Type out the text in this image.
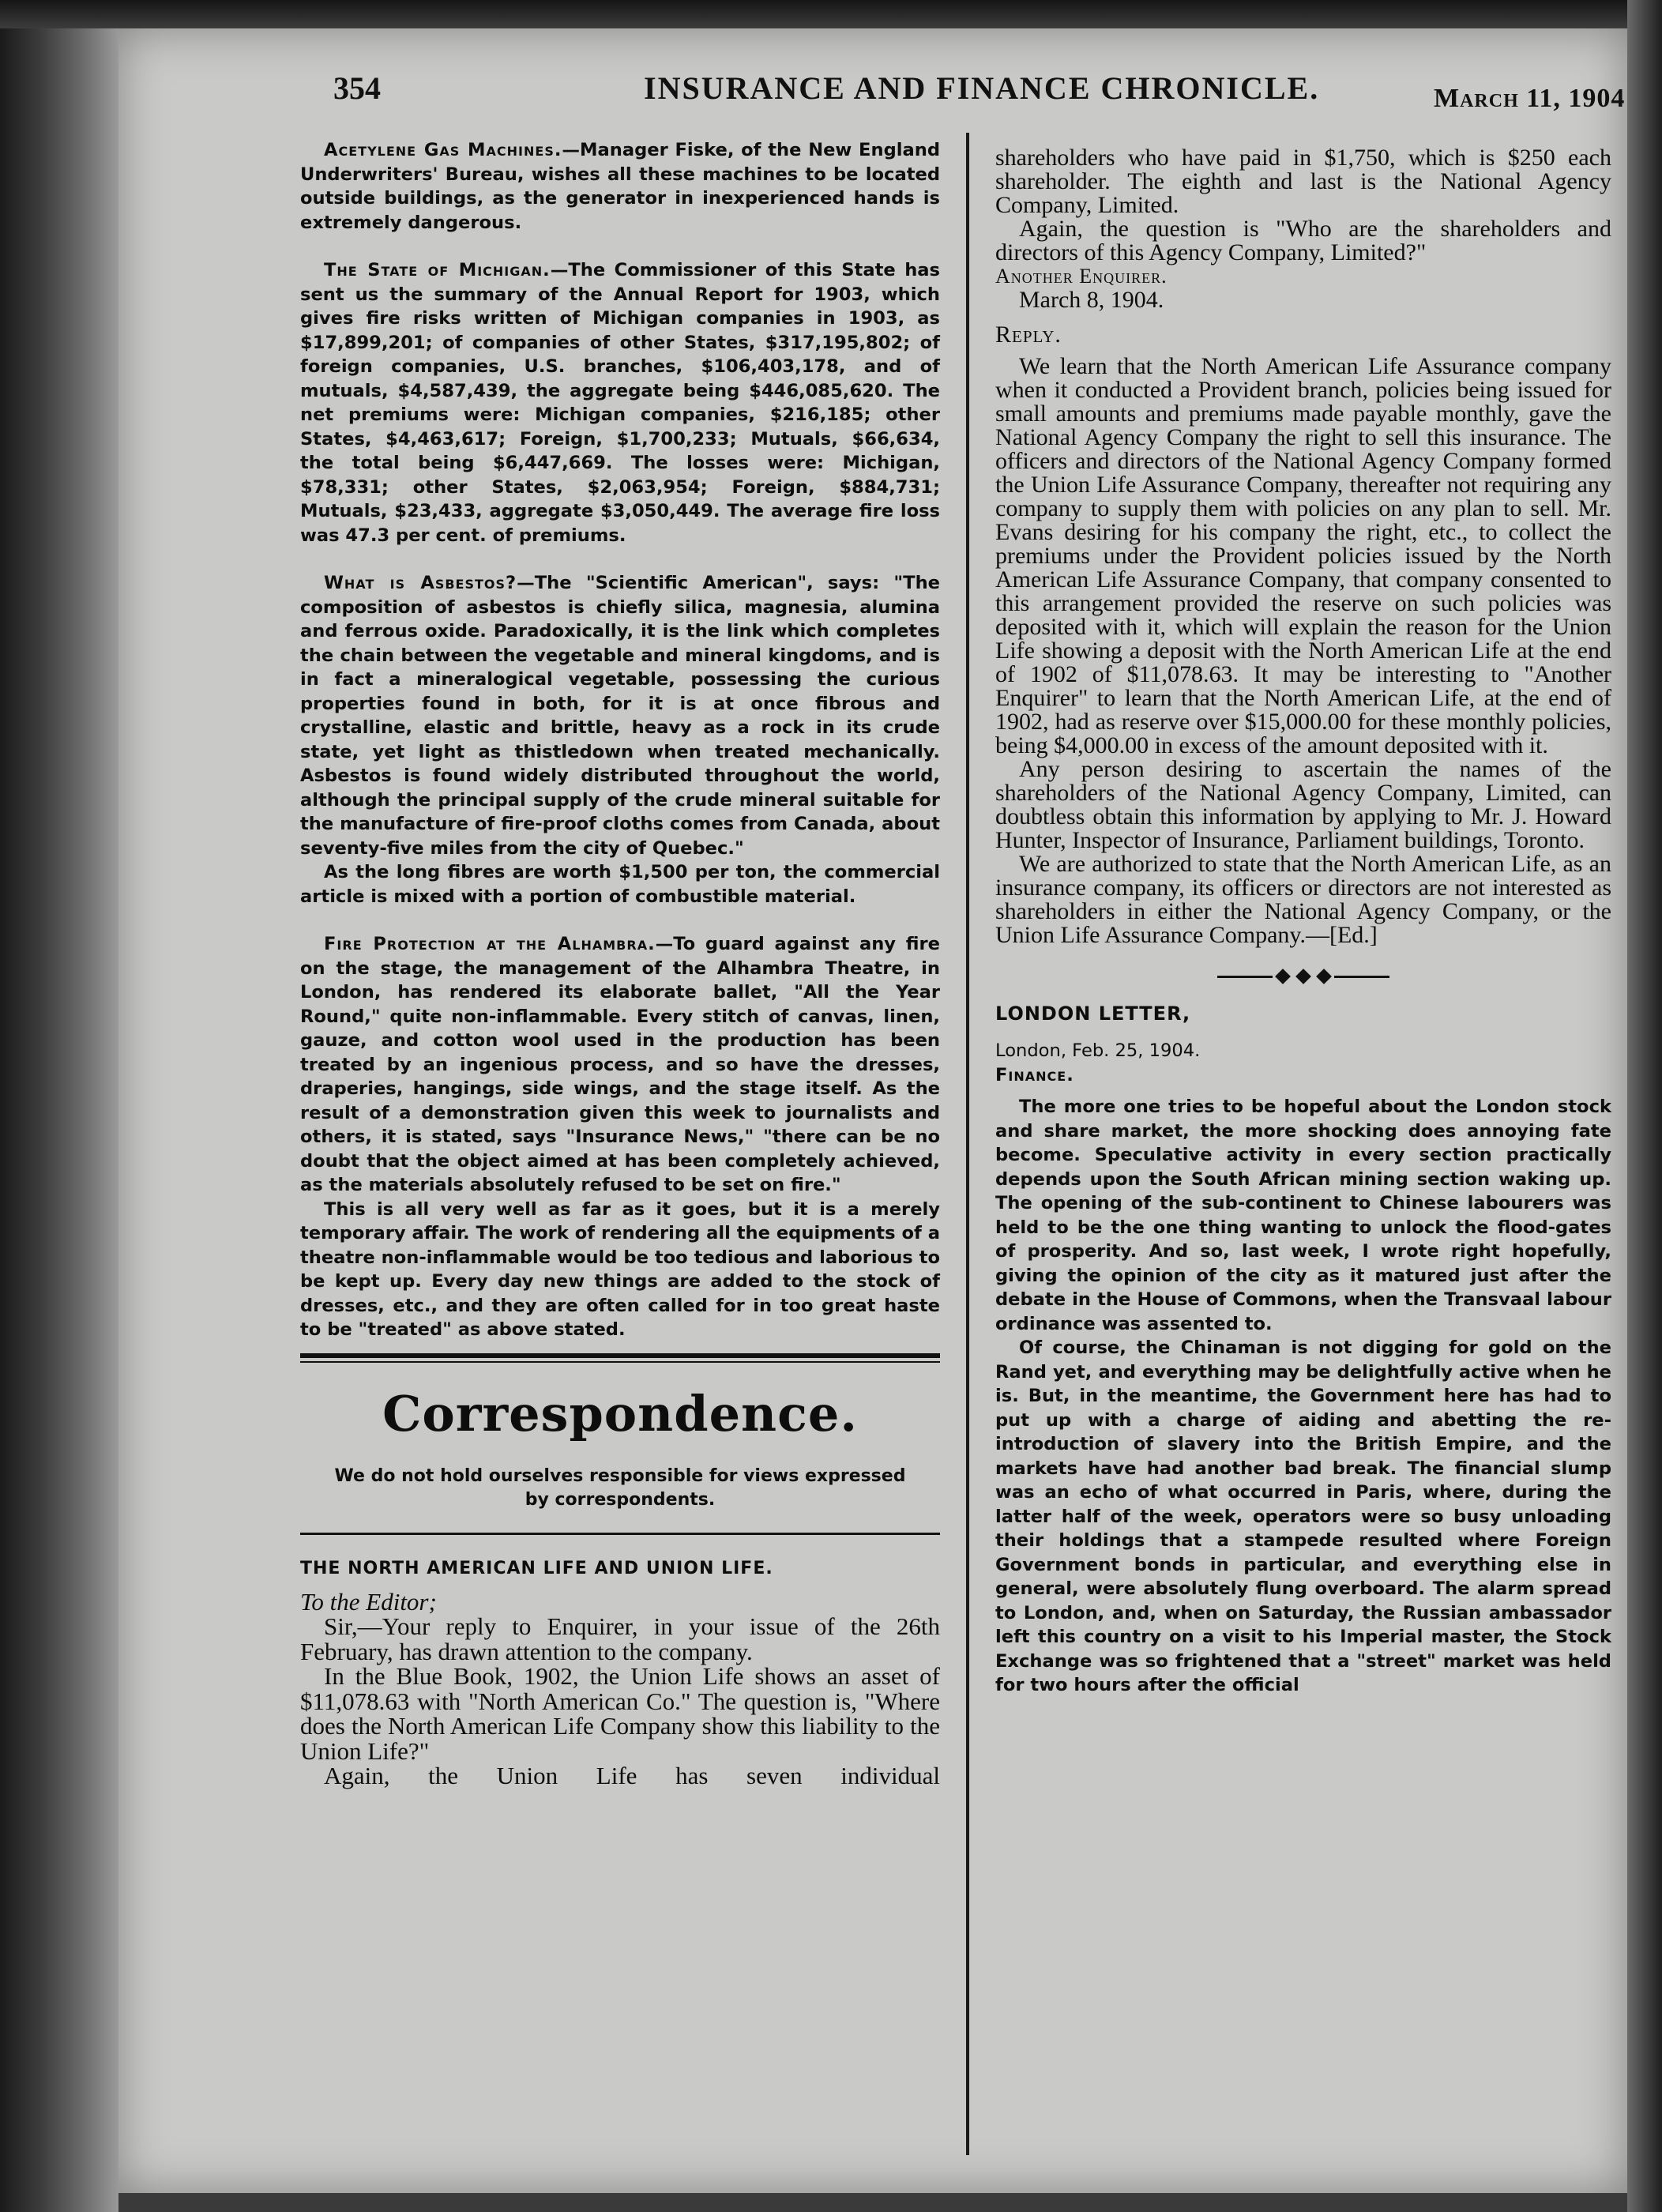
354	INSURANCE AND FINANCE CHRONICLE.	March 11, 1904

Acetylene Gas Machines.—Manager Fiske, of the New England Underwriters' Bureau, wishes all these machines to be located outside buildings, as the generator in inexperienced hands is extremely dangerous.

The State of Michigan.—The Commissioner of this State has sent us the summary of the Annual Report for 1903, which gives fire risks written of Michigan companies in 1903, as $17,899,201; of companies of other States, $317,195,802; of foreign companies, U.S. branches, $106,403,178, and of mutuals, $4,587,439, the aggregate being $446,085,620. The net premiums were: Michigan companies, $216,185; other States, $4,463,617; Foreign, $1,700,233; Mutuals, $66,634, the total being $6,447,669. The losses were: Michigan, $78,331; other States, $2,063,954; Foreign, $884,731; Mutuals, $23,433, aggregate $3,050,449. The average fire loss was 47.3 per cent. of premiums.

What is Asbestos?—The "Scientific American", says: "The composition of asbestos is chiefly silica, magnesia, alumina and ferrous oxide. Paradoxically, it is the link which completes the chain between the vegetable and mineral kingdoms, and is in fact a mineralogical vegetable, possessing the curious properties found in both, for it is at once fibrous and crystalline, elastic and brittle, heavy as a rock in its crude state, yet light as thistledown when treated mechanically. Asbestos is found widely distributed throughout the world, although the principal supply of the crude mineral suitable for the manufacture of fire-proof cloths comes from Canada, about seventy-five miles from the city of Quebec."

As the long fibres are worth $1,500 per ton, the commercial article is mixed with a portion of combustible material.

Fire Protection at the Alhambra.—To guard against any fire on the stage, the management of the Alhambra Theatre, in London, has rendered its elaborate ballet, "All the Year Round," quite non-inflammable. Every stitch of canvas, linen, gauze, and cotton wool used in the production has been treated by an ingenious process, and so have the dresses, draperies, hangings, side wings, and the stage itself. As the result of a demonstration given this week to journalists and others, it is stated, says "Insurance News," "there can be no doubt that the object aimed at has been completely achieved, as the materials absolutely refused to be set on fire."

This is all very well as far as it goes, but it is a merely temporary affair. The work of rendering all the equipments of a theatre non-inflammable would be too tedious and laborious to be kept up. Every day new things are added to the stock of dresses, etc., and they are often called for in too great haste to be "treated" as above stated.

Correspondence.
We do not hold ourselves responsible for views expressed
by correspondents.

THE NORTH AMERICAN LIFE AND UNION LIFE.

To the Editor;

Sir,—Your reply to Enquirer, in your issue of the 26th February, has drawn attention to the company.

In the Blue Book, 1902, the Union Life shows an asset of $11,078.63 with "North American Co." The question is, "Where does the North American Life Company show this liability to the Union Life?"

Again, the Union Life has seven individual

shareholders who have paid in $1,750, which is $250 each shareholder. The eighth and last is the National Agency Company, Limited.

Again, the question is "Who are the shareholders and directors of this Agency Company, Limited?"

Another Enquirer.

March 8, 1904.

Reply.

We learn that the North American Life Assurance company when it conducted a Provident branch, policies being issued for small amounts and premiums made payable monthly, gave the National Agency Company the right to sell this insurance. The officers and directors of the National Agency Company formed the Union Life Assurance Company, thereafter not requiring any company to supply them with policies on any plan to sell. Mr. Evans desiring for his company the right, etc., to collect the premiums under the Provident policies issued by the North American Life Assurance Company, that company consented to this arrangement provided the reserve on such policies was deposited with it, which will explain the reason for the Union Life showing a deposit with the North American Life at the end of 1902 of $11,078.63. It may be interesting to "Another Enquirer" to learn that the North American Life, at the end of 1902, had as reserve over $15,000.00 for these monthly policies, being $4,000.00 in excess of the amount deposited with it.

Any person desiring to ascertain the names of the shareholders of the National Agency Company, Limited, can doubtless obtain this information by applying to Mr. J. Howard Hunter, Inspector of Insurance, Parliament buildings, Toronto.

We are authorized to state that the North American Life, as an insurance company, its officers or directors are not interested as shareholders in either the National Agency Company, or the Union Life Assurance Company.—[Ed.]

LONDON LETTER,

London, Feb. 25, 1904.

Finance.

The more one tries to be hopeful about the London stock and share market, the more shocking does annoying fate become. Speculative activity in every section practically depends upon the South African mining section waking up. The opening of the sub-continent to Chinese labourers was held to be the one thing wanting to unlock the flood-gates of prosperity. And so, last week, I wrote right hopefully, giving the opinion of the city as it matured just after the debate in the House of Commons, when the Transvaal labour ordinance was assented to.

Of course, the Chinaman is not digging for gold on the Rand yet, and everything may be delightfully active when he is. But, in the meantime, the Government here has had to put up with a charge of aiding and abetting the re-introduction of slavery into the British Empire, and the markets have had another bad break. The financial slump was an echo of what occurred in Paris, where, during the latter half of the week, operators were so busy unloading their holdings that a stampede resulted where Foreign Government bonds in particular, and everything else in general, were absolutely flung overboard. The alarm spread to London, and, when on Saturday, the Russian ambassador left this country on a visit to his Imperial master, the Stock Exchange was so frightened that a "street" market was held for two hours after the official
